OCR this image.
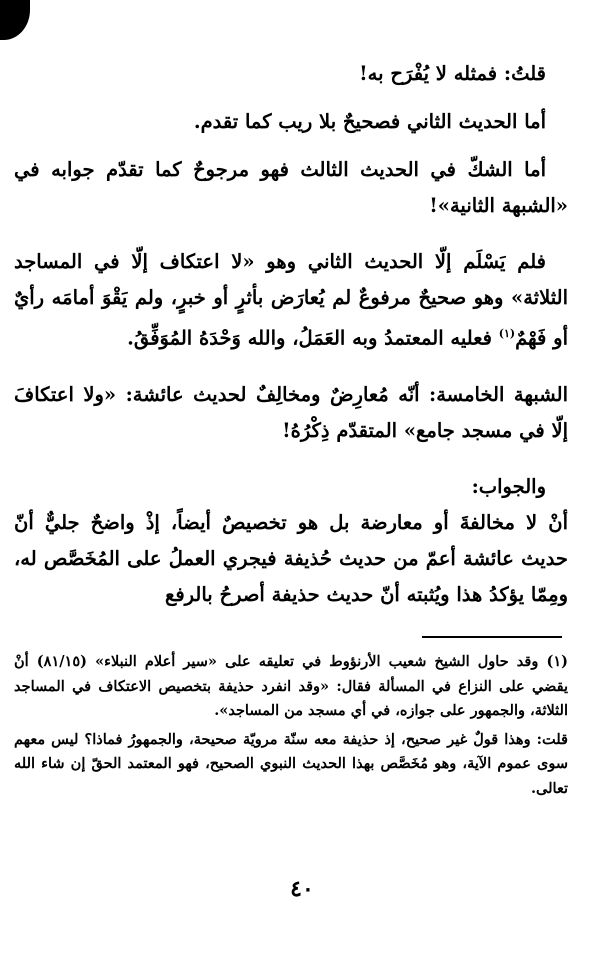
قلتُ: فمثله لا يُفْرَح به!

أما الحديث الثاني فصحيحٌ بلا ريب كما تقدم.

أما الشكّ في الحديث الثالث فهو مرجوحٌ كما تقدّم جوابه في «الشبهة الثانية»!

فلم يَسْلَم إلّا الحديث الثاني وهو «لا اعتكاف إلّا في المساجد الثلاثة» وهو صحيحٌ مرفوعٌ لم يُعارَض بأثرٍ أو خبرٍ، ولم يَقْوَ أمامَه رأيٌ أو فَهْمٌ$^{(١)}$ فعليه المعتمدُ وبه العَمَلُ، والله وَحْدَهُ المُوَفِّقُ.

الشبهة الخامسة: أنّه مُعارِضٌ ومخالِفٌ لحديث عائشة: «ولا اعتكافَ إلّا في مسجد جامع» المتقدّم ذِكْرُهُ!

والجواب:

أنْ لا مخالفةَ أو معارضة بل هو تخصيصٌ أيضاً، إذْ واضحٌ جليٌّ أنّ حديث عائشة أعمّ من حديث حُذيفة فيجري العملُ على المُخَصَّص له، ومِمّا يؤكدُ هذا ويُثبته أنّ حديث حذيفة أصرحُ بالرفع

(١) وقد حاول الشيخ شعيب الأرنؤوط في تعليقه على «سير أعلام النبلاء» (٨١/١٥) أنْ يقضي على النزاع في المسألة فقال: «وقد انفرد حذيفة بتخصيص الاعتكاف في المساجد الثلاثة، والجمهور على جوازه، في أي مسجد من المساجد».

قلت: وهذا قولٌ غير صحيح، إذ حذيفة معه سنّة مرويّة صحيحة، والجمهورُ فماذا؟ ليس معهم سوى عموم الآية، وهو مُخَصَّص بهذا الحديث النبوي الصحيح، فهو المعتمد الحقّ إن شاء الله تعالى.

٤٠
